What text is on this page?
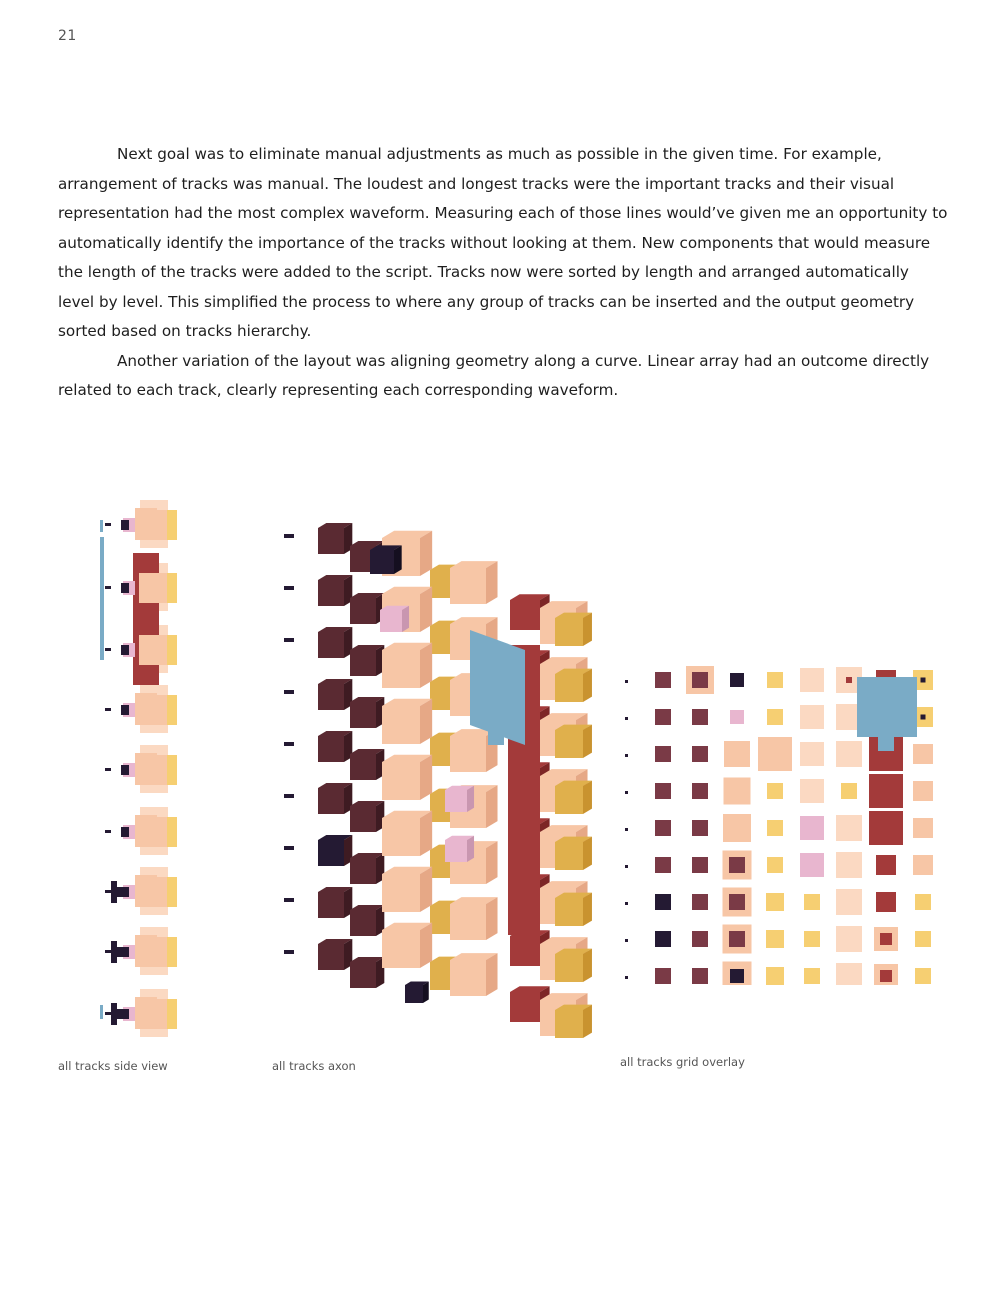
21

Next goal was to eliminate manual adjustments as much as possible in the given time. For example, arrangement of tracks was manual. The loudest and longest tracks were the important tracks and their visual representation had the most complex waveform. Measuring each of those lines would’ve given me an opportunity to automatically identify the importance of the tracks without looking at them. New components that would measure the length of the tracks were added to the script. Tracks now were sorted by length and arranged automatically level by level. This simplified the process to where any group of tracks can be inserted and the output geometry sorted based on tracks hierarchy.

Another variation of the layout was aligning geometry along a curve. Linear array had an outcome directly related to each track, clearly representing each corresponding waveform.

all tracks side view	all tracks axon	all tracks grid overlay
